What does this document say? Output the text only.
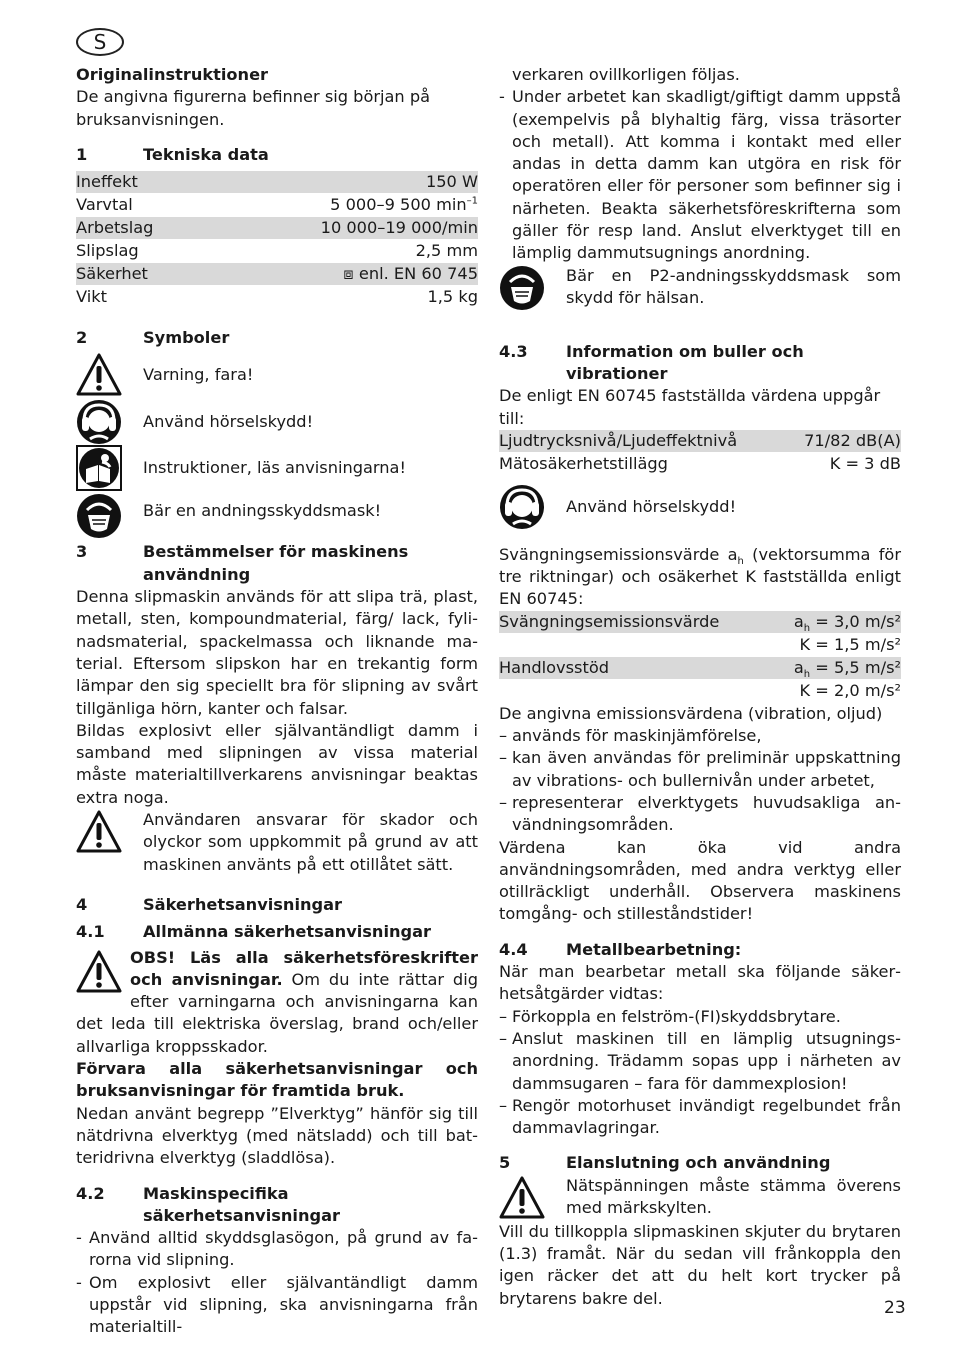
S

Originalinstruktioner

De angivna figurerna befinner sig början på bruksanvisningen.

1	Tekniska data
Ineffekt	150 W
Varvtal	5 000–9 500 $\min^{-1}$
Arbetslag	10 000–19 000/min
Slipslag	2,5 mm
Säkerhet	⧈ enl. EN 60 745
Vikt	1,5 kg
2	Symboler
Varning, fara!
Använd hörselskydd!
Instruktioner, läs anvisningarna!
Bär en andningsskyddsmask!
3	Bestämmelser för maskinens användning

Denna slipmaskin används för att slipa trä, plast, metall, sten, kompoundmaterial, färg/ lack, fylinadsmaterial, spackelmassa och liknande material. Eftersom slipskon har en trekantig form lämpar den sig speciellt bra för slipning av svårt tillgänliga hörn, kanter och falsar.

Bildas explosivt eller självantändligt damm i samband med slipningen av vissa material måste materialtillverkarens anvisningar beaktas extra noga.

Användaren ansvarar för skador och olyckor som uppkommit på grund av att maskinen använts på ett otillåtet sätt.

4	Säkerhetsanvisningar
4.1	Allmänna säkerhetsanvisningar

OBS! Läs alla säkerhetsföreskrifter och anvisningar. Om du inte rättar dig efter varningarna och anvisningarna kan det leda till elektriska överslag, brand och/eller allvarliga kroppsskador.

Förvara alla säkerhetsanvisningar och bruksanvisningar för framtida bruk.

Nedan använt begrepp ”Elverktyg” hänför sig till nätdrivna elverktyg (med nätsladd) och till batteridrivna elverktyg (sladdlösa).

4.2	Maskinspecifika säkerhetsanvisningar
- Använd alltid skyddsglasögon, på grund av farorna vid slipning.

- Om explosivt eller självantändligt damm uppstår vid slipning, ska anvisningarna från materialtill-

verkaren ovillkorligen följas.

- Under arbetet kan skadligt/giftigt damm uppstå (exempelvis på blyhaltig färg, vissa träsorter och metall). Att komma i kontakt med eller andas in detta damm kan utgöra en risk för operatören eller för personer som befinner sig i närheten. Beakta säkerhetsföreskrifterna som gäller för resp land. Anslut elverktyget till en lämplig dammutsugnings anordning.

Bär en P2-andningsskyddsmask som skydd för hälsan.

4.3	Information om buller och vibrationer

De enligt EN 60745 fastställda värdena uppgår till:

Ljudtrycksnivå/Ljudeffektnivå	71/82 dB(A)
Mätosäkerhetstillägg	K = 3 dB
Använd hörselskydd!

Svängningsemissionsvärde $a_h$ (vektorsumma för tre riktningar) och osäkerhet K fastställda enligt EN 60745:

Svängningsemissionsvärde	$a_h = 3,0$ m/s²
	K = 1,5 m/s²
Handlovsstöd	$a_h = 5,5$ m/s²
	K = 2,0 m/s²

De angivna emissionsvärdena (vibration, oljud)

– används för maskinjämförelse,

– kan även användas för preliminär uppskattning av vibrations- och bullernivån under arbetet,

– representerar elverktygets huvudsakliga användningsområden.

Värdena kan öka vid andra användningsområden, med andra verktyg eller otillräckligt underhåll. Observera maskinens tomgång- och stilleståndstider!

4.4	Metallbearbetning:

När man bearbetar metall ska följande säkerhetsåtgärder vidtas:

– Förkoppla en felström-(FI)skyddsbrytare.

– Anslut maskinen till en lämplig utsugningsanordning. Trädamm sopas upp i närheten av dammsugaren – fara för dammexplosion!

– Rengör motorhuset invändigt regelbundet från dammavlagringar.

5	Elanslutning och användning

Nätspänningen måste stämma överens med märkskylten.

Vill du tillkoppla slipmaskinen skjuter du brytaren (1.3) framåt. När du sedan vill frånkoppla den igen räcker det att du helt kort trycker på brytarens bakre del.	23
